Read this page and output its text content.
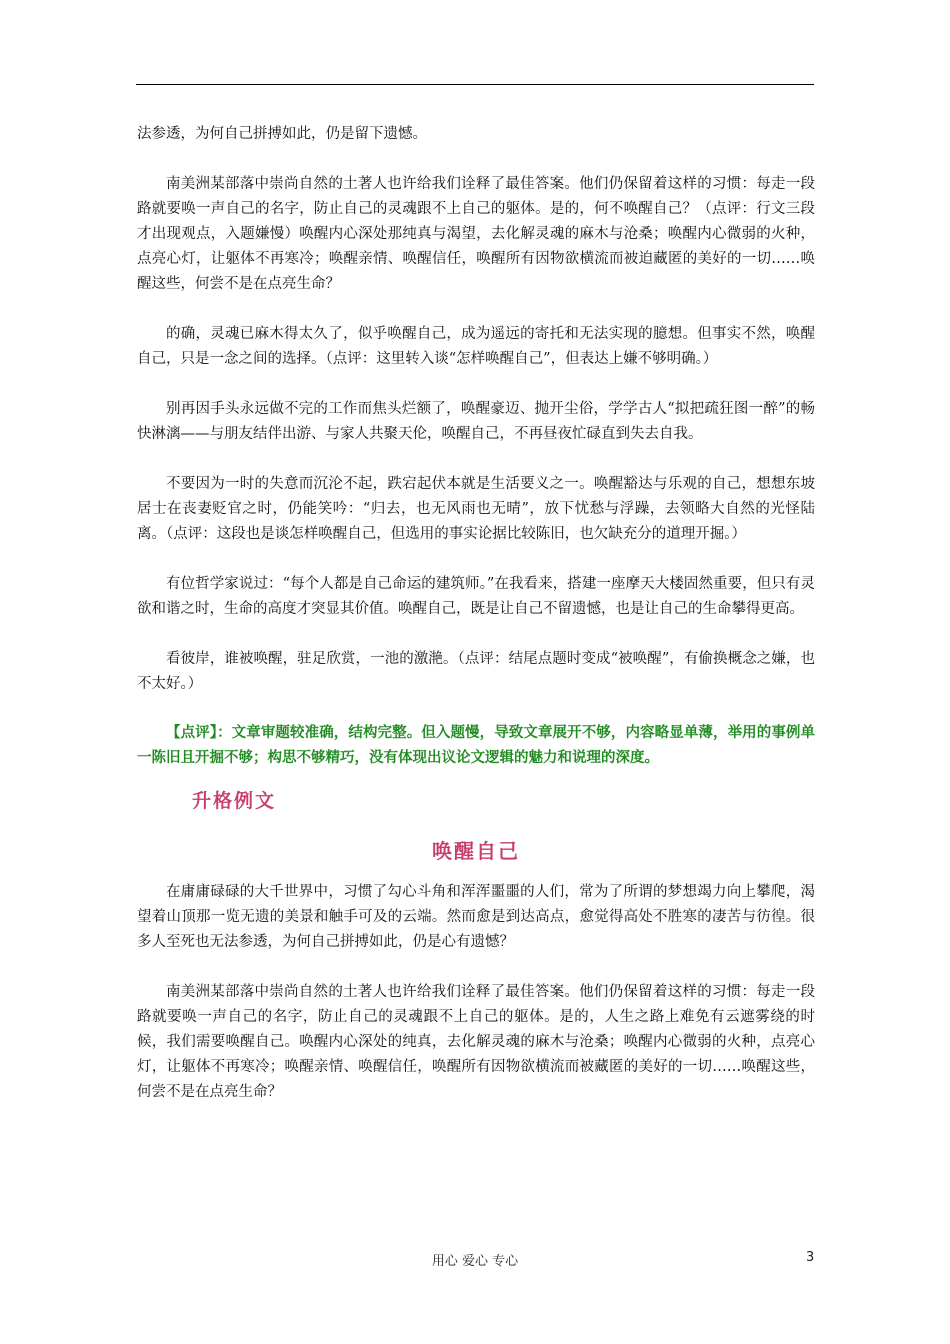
法参透，为何自己拼搏如此，仍是留下遗憾。

南美洲某部落中崇尚自然的土著人也许给我们诠释了最佳答案。他们仍保留着这样的习惯：每走一段路就要唤一声自己的名字，防止自己的灵魂跟不上自己的躯体。是的，何不唤醒自己？（点评：行文三段才出现观点，入题嫌慢）唤醒内心深处那纯真与渴望，去化解灵魂的麻木与沧桑；唤醒内心微弱的火种，点亮心灯，让躯体不再寒冷；唤醒亲情、唤醒信任，唤醒所有因物欲横流而被迫藏匿的美好的一切……唤醒这些，何尝不是在点亮生命？

的确，灵魂已麻木得太久了，似乎唤醒自己，成为遥远的寄托和无法实现的臆想。但事实不然，唤醒自己，只是一念之间的选择。（点评：这里转入谈“怎样唤醒自己”，但表达上嫌不够明确。）

别再因手头永远做不完的工作而焦头烂额了，唤醒豪迈、抛开尘俗，学学古人“拟把疏狂图一醉”的畅快淋漓——与朋友结伴出游、与家人共聚天伦，唤醒自己，不再昼夜忙碌直到失去自我。

不要因为一时的失意而沉沦不起，跌宕起伏本就是生活要义之一。唤醒豁达与乐观的自己，想想东坡居士在丧妻贬官之时，仍能笑吟：“归去，也无风雨也无晴”，放下忧愁与浮躁，去领略大自然的光怪陆离。（点评：这段也是谈怎样唤醒自己，但选用的事实论据比较陈旧，也欠缺充分的道理开掘。）

有位哲学家说过：“每个人都是自己命运的建筑师。”在我看来，搭建一座摩天大楼固然重要，但只有灵欲和谐之时，生命的高度才突显其价值。唤醒自己，既是让自己不留遗憾，也是让自己的生命攀得更高。

看彼岸，谁被唤醒，驻足欣赏，一池的激滟。（点评：结尾点题时变成“被唤醒”，有偷换概念之嫌，也不太好。）

【点评】：文章审题较准确，结构完整。但入题慢，导致文章展开不够，内容略显单薄，举用的事例单一陈旧且开掘不够；构思不够精巧，没有体现出议论文逻辑的魅力和说理的深度。

升格例文
唤醒自己

在庸庸碌碌的大千世界中，习惯了勾心斗角和浑浑噩噩的人们，常为了所谓的梦想竭力向上攀爬，渴望着山顶那一览无遗的美景和触手可及的云端。然而愈是到达高点，愈觉得高处不胜寒的凄苦与彷徨。很多人至死也无法参透，为何自己拼搏如此，仍是心有遗憾？

南美洲某部落中崇尚自然的土著人也许给我们诠释了最佳答案。他们仍保留着这样的习惯：每走一段路就要唤一声自己的名字，防止自己的灵魂跟不上自己的躯体。是的，人生之路上难免有云遮雾绕的时候，我们需要唤醒自己。唤醒内心深处的纯真，去化解灵魂的麻木与沧桑；唤醒内心微弱的火种，点亮心灯，让躯体不再寒冷；唤醒亲情、唤醒信任，唤醒所有因物欲横流而被藏匿的美好的一切……唤醒这些，何尝不是在点亮生命？

用心 爱心 专心	3
